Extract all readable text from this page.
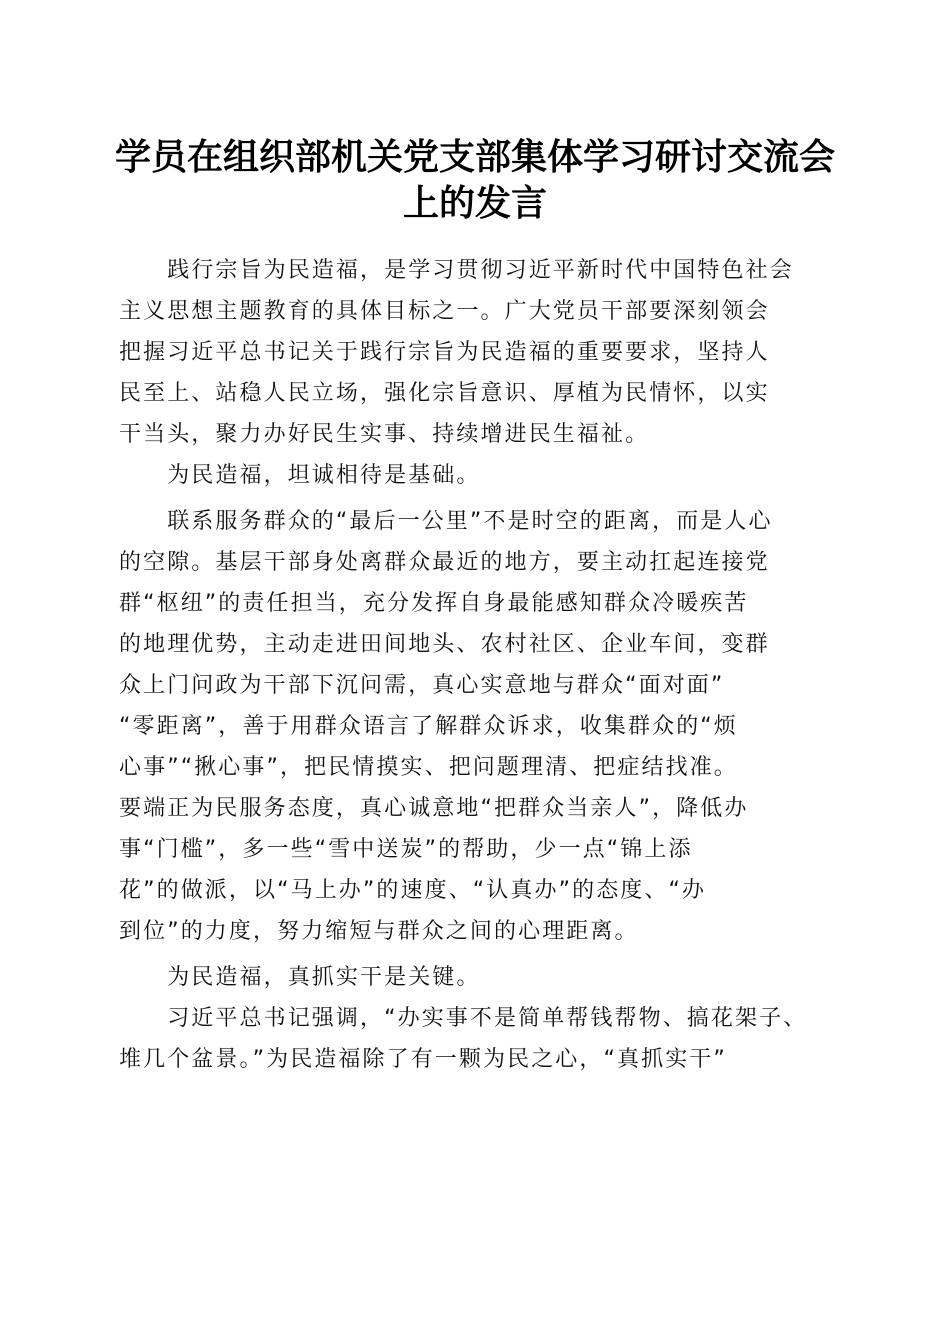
学员在组织部机关党支部集体学习研讨交流会
上的发言
　　践行宗旨为民造福，是学习贯彻习近平新时代中国特色社会
主义思想主题教育的具体目标之一。广大党员干部要深刻领会
把握习近平总书记关于践行宗旨为民造福的重要要求，坚持人
民至上、站稳人民立场，强化宗旨意识、厚植为民情怀，以实
干当头，聚力办好民生实事、持续增进民生福祉。
　　为民造福，坦诚相待是基础。
　　联系服务群众的“最后一公里”不是时空的距离，而是人心
的空隙。基层干部身处离群众最近的地方，要主动扛起连接党
群“枢纽”的责任担当，充分发挥自身最能感知群众冷暖疾苦
的地理优势，主动走进田间地头、农村社区、企业车间，变群
众上门问政为干部下沉问需，真心实意地与群众“面对面”
“零距离”，善于用群众语言了解群众诉求，收集群众的“烦
心事”“揪心事”，把民情摸实、把问题理清、把症结找准。
要端正为民服务态度，真心诚意地“把群众当亲人”，降低办
事“门槛”，多一些“雪中送炭”的帮助，少一点“锦上添
花”的做派，以“马上办”的速度、“认真办”的态度、“办
到位”的力度，努力缩短与群众之间的心理距离。
　　为民造福，真抓实干是关键。
　　习近平总书记强调，“办实事不是简单帮钱帮物、搞花架子、
堆几个盆景。”为民造福除了有一颗为民之心，“真抓实干”
